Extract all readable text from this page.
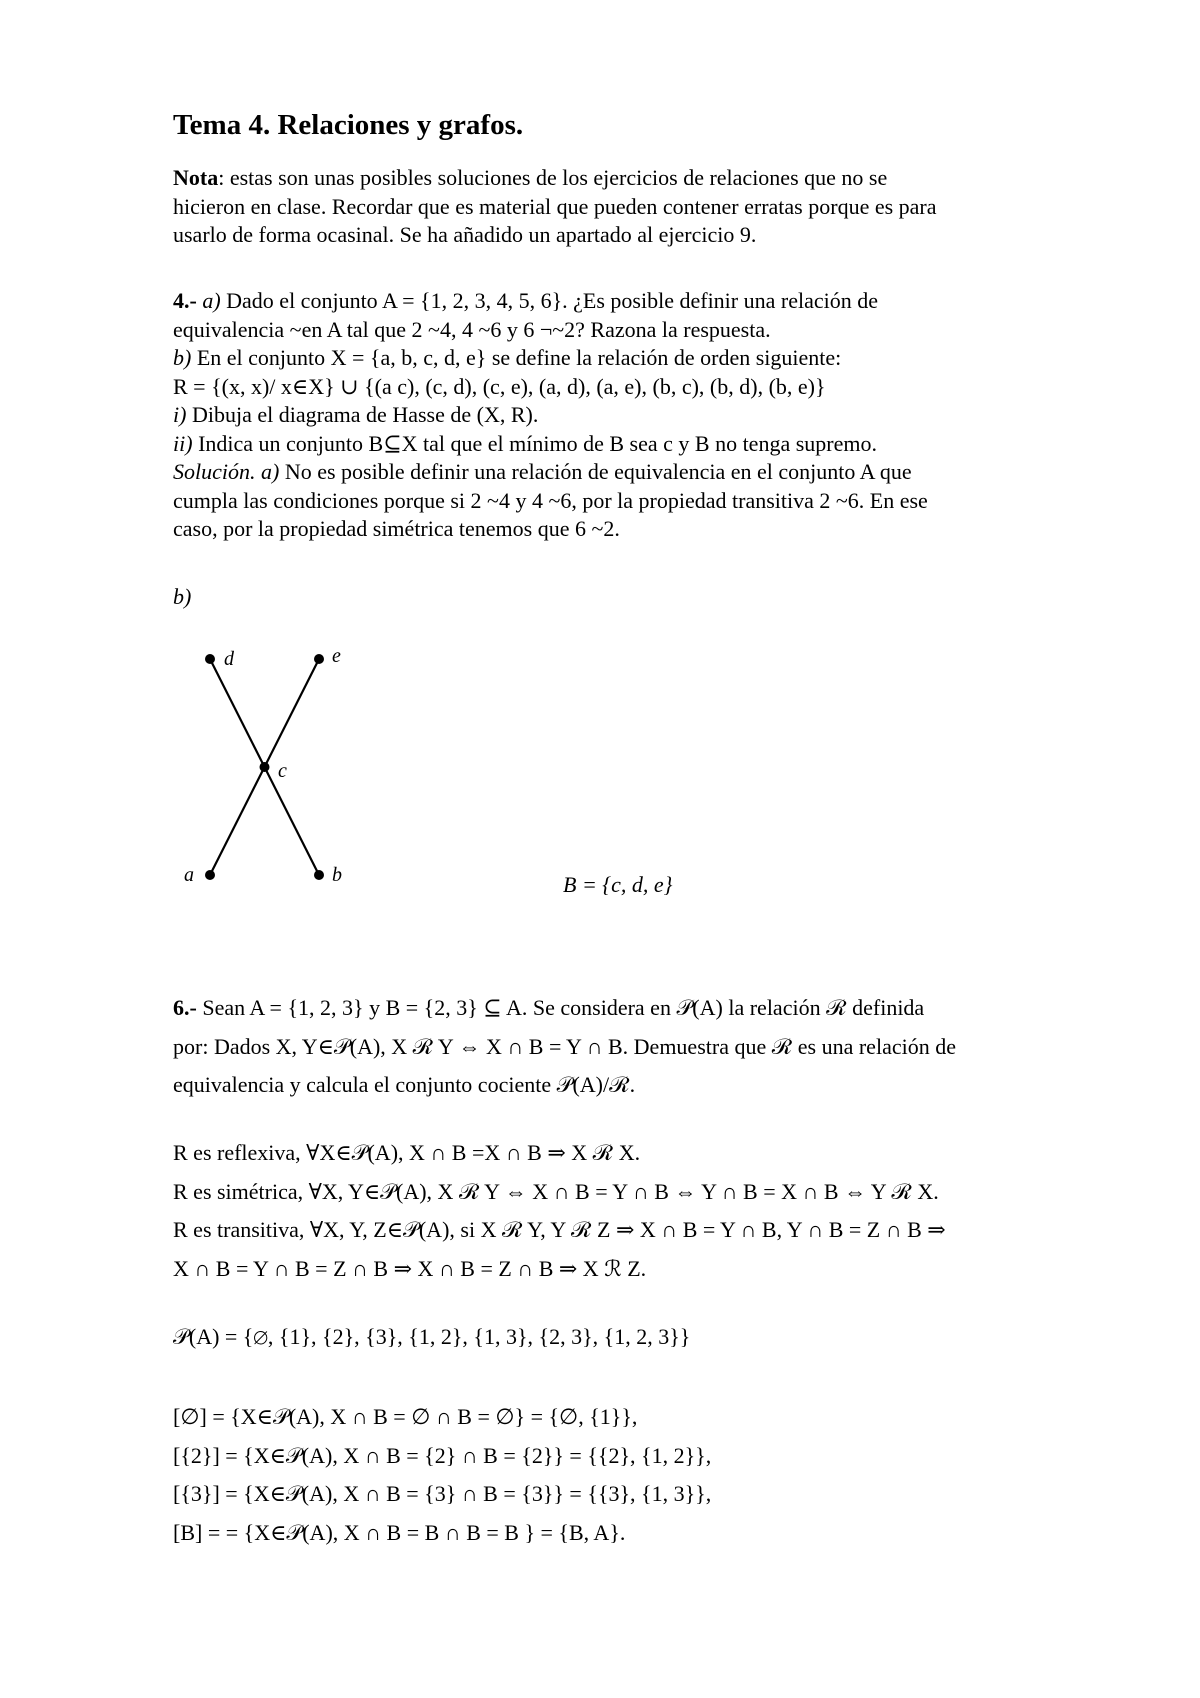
Tema 4. Relaciones y grafos.
Nota: estas son unas posibles soluciones de los ejercicios de relaciones que no se
hicieron en clase. Recordar que es material que pueden contener erratas porque es para
usarlo de forma ocasinal. Se ha añadido un apartado al ejercicio 9.
4.- a) Dado el conjunto A = {1, 2, 3, 4, 5, 6}. ¿Es posible definir una relación de
equivalencia ~en A tal que 2 ~4, 4 ~6 y 6 ¬~2? Razona la respuesta.
b) En el conjunto X = {a, b, c, d, e} se define la relación de orden siguiente:
R = {(x, x)/ x∈X} ∪ {(a c), (c, d), (c, e), (a, d), (a, e), (b, c), (b, d), (b, e)}
i) Dibuja el diagrama de Hasse de (X, R).
ii) Indica un conjunto B⊆X tal que el mínimo de B sea c y B no tenga supremo.
Solución. a) No es posible definir una relación de equivalencia en el conjunto A que
cumpla las condiciones porque si 2 ~4 y 4 ~6, por la propiedad transitiva 2 ~6. En ese
caso, por la propiedad simétrica tenemos que 6 ~2.
b)
d	e
c
a	b	B = {c, d, e}
6.- Sean A = {1, 2, 3} y B = {2, 3} ⊆ A. Se considera en 𝒫(A) la relación ℛ definida
por: Dados X, Y∈𝒫(A), X ℛ Y ⇔ X ∩ B = Y ∩ B. Demuestra que ℛ es una relación de
equivalencia y calcula el conjunto cociente 𝒫(A)/ℛ.
R es reflexiva, ∀X∈𝒫(A), X ∩ B =X ∩ B ⇒ X ℛ X.
R es simétrica, ∀X, Y∈𝒫(A), X ℛ Y ⇔ X ∩ B = Y ∩ B ⇔ Y ∩ B = X ∩ B ⇔ Y ℛ X.
R es transitiva, ∀X, Y, Z∈𝒫(A), si X ℛ Y, Y ℛ Z ⇒ X ∩ B = Y ∩ B, Y ∩ B = Z ∩ B ⇒
X ∩ B = Y ∩ B = Z ∩ B ⇒ X ∩ B = Z ∩ B ⇒ X ℛ Z.
𝒫(A) = {∅, {1}, {2}, {3}, {1, 2}, {1, 3}, {2, 3}, {1, 2, 3}}
[∅] = {X∈𝒫(A), X ∩ B = ∅ ∩ B = ∅} = {∅, {1}},
[{2}] = {X∈𝒫(A), X ∩ B = {2} ∩ B = {2}} = {{2}, {1, 2}},
[{3}] = {X∈𝒫(A), X ∩ B = {3} ∩ B = {3}} = {{3}, {1, 3}},
[B] = = {X∈𝒫(A), X ∩ B = B ∩ B = B } = {B, A}.
